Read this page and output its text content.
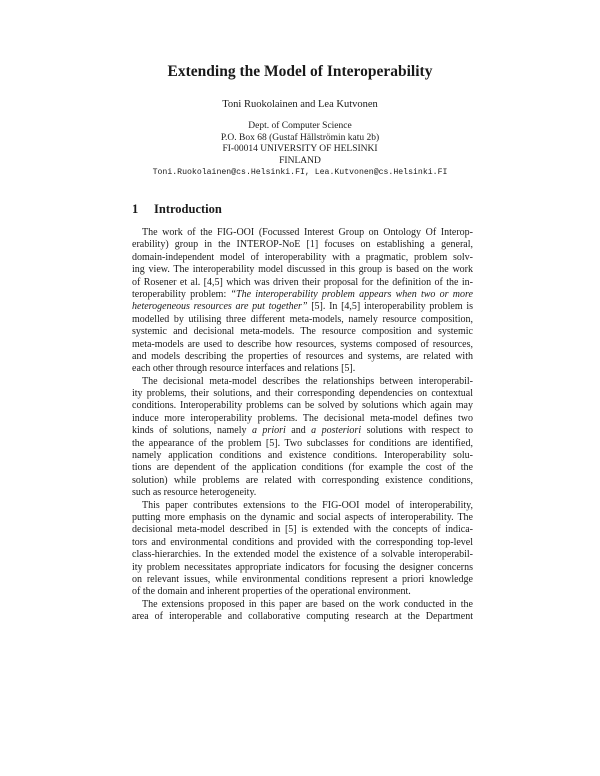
Extending the Model of Interoperability
Toni Ruokolainen and Lea Kutvonen
Dept. of Computer Science
P.O. Box 68 (Gustaf Hällströmin katu 2b)
FI-00014 UNIVERSITY OF HELSINKI
FINLAND
Toni.Ruokolainen@cs.Helsinki.FI, Lea.Kutvonen@cs.Helsinki.FI
1 Introduction
The work of the FIG-OOI (Focussed Interest Group on Ontology Of Interop-
erability) group in the INTEROP-NoE [1] focuses on establishing a general,
domain-independent model of interoperability with a pragmatic, problem solv-
ing view. The interoperability model discussed in this group is based on the work
of Rosener et al. [4,5] which was driven their proposal for the definition of the in-
teroperability problem: “The interoperability problem appears when two or more
heterogeneous resources are put together” [5]. In [4,5] interoperability problem is
modelled by utilising three different meta-models, namely resource composition,
systemic and decisional meta-models. The resource composition and systemic
meta-models are used to describe how resources, systems composed of resources,
and models describing the properties of resources and systems, are related with
each other through resource interfaces and relations [5].
The decisional meta-model describes the relationships between interoperabil-
ity problems, their solutions, and their corresponding dependencies on contextual
conditions. Interoperability problems can be solved by solutions which again may
induce more interoperability problems. The decisional meta-model defines two
kinds of solutions, namely a priori and a posteriori solutions with respect to
the appearance of the problem [5]. Two subclasses for conditions are identified,
namely application conditions and existence conditions. Interoperability solu-
tions are dependent of the application conditions (for example the cost of the
solution) while problems are related with corresponding existence conditions,
such as resource heterogeneity.
This paper contributes extensions to the FIG-OOI model of interoperability,
putting more emphasis on the dynamic and social aspects of interoperability. The
decisional meta-model described in [5] is extended with the concepts of indica-
tors and environmental conditions and provided with the corresponding top-level
class-hierarchies. In the extended model the existence of a solvable interoperabil-
ity problem necessitates appropriate indicators for focusing the designer concerns
on relevant issues, while environmental conditions represent a priori knowledge
of the domain and inherent properties of the operational environment.
The extensions proposed in this paper are based on the work conducted in the
area of interoperable and collaborative computing research at the Department
